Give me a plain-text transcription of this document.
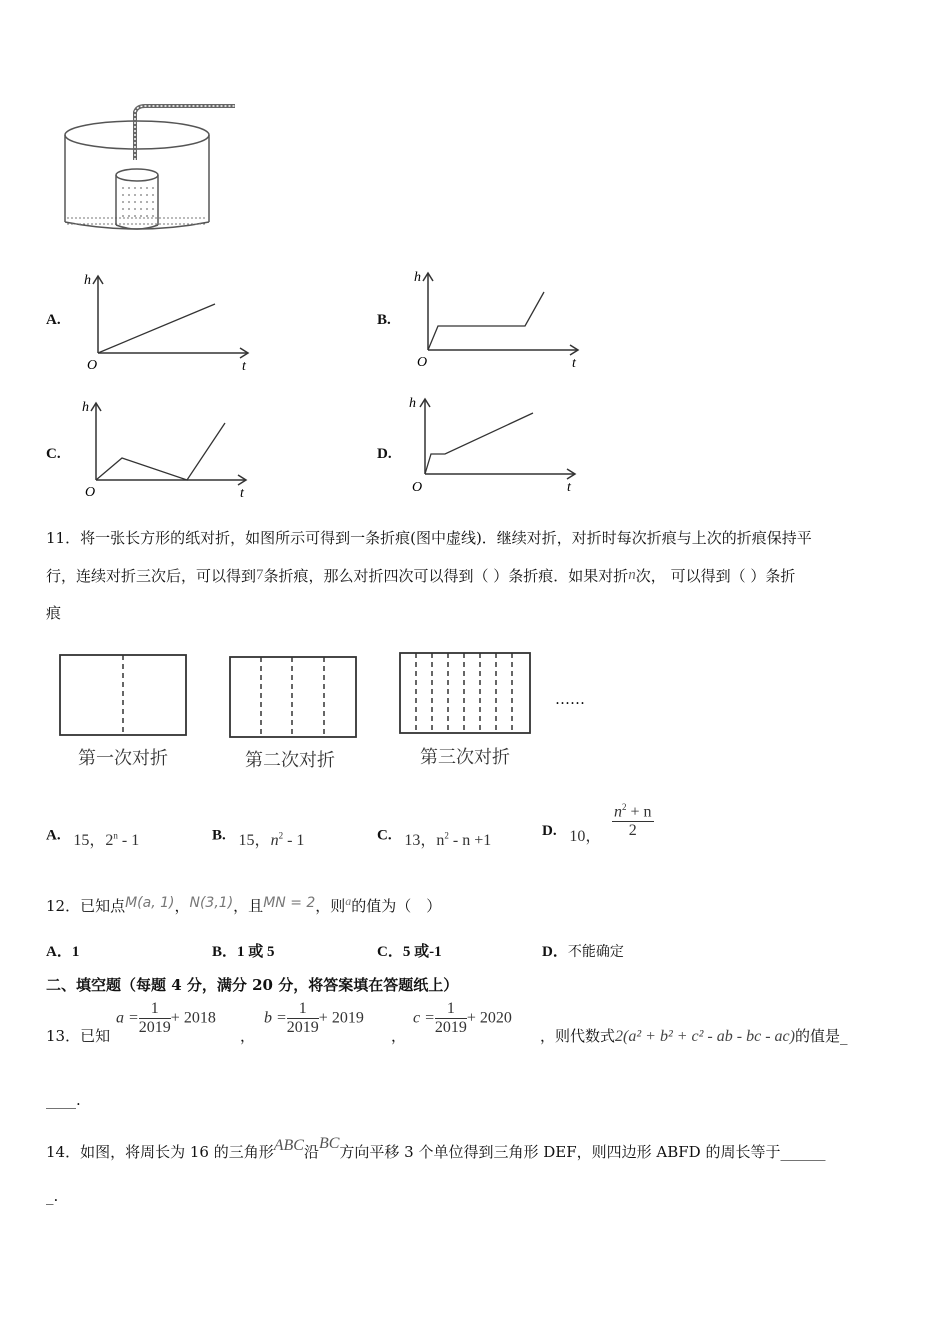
A.	B.
C.	D.
h
t
O
h
t
O
h
t
O
h
t
O
11．将一张长方形的纸对折，如图所示可得到一条折痕(图中虚线)．继续对折，对折时每次折痕与上次的折痕保持平
行，连续对折三次后，可以得到7条折痕，那么对折四次可以得到（ ）条折痕．如果对折n次， 可以得到（ ）条折
痕
……
第一次对折	第二次对折	第三次对折
A. 15，2$^n$ - 1	B. 15，$n^2 - 1$	C. 13，$n^2 - n +1$
D. 10， $\frac{n^2 + n}{2}$
12．已知点M(a, 1)，N(3,1)，且MN = 2，则$^a$的值为（　）
A．1	B．1 或 5	C．5 或-1	D．不能确定
二、填空题（每题 4 分，满分 20 分，将答案填在答题纸上）
13．已知
$a = \frac{1}{2019} + 2018$
，
$b = \frac{1}{2019} + 2019$
，
$c = \frac{1}{2019} + 2020$
，则代数式2(a² + b² + c² - ab - bc - ac)的值是_
____.
14．如图，将周长为 16 的三角形ABC沿BC方向平移 3 个单位得到三角形 DEF，则四边形 ABFD 的周长等于______
_.
